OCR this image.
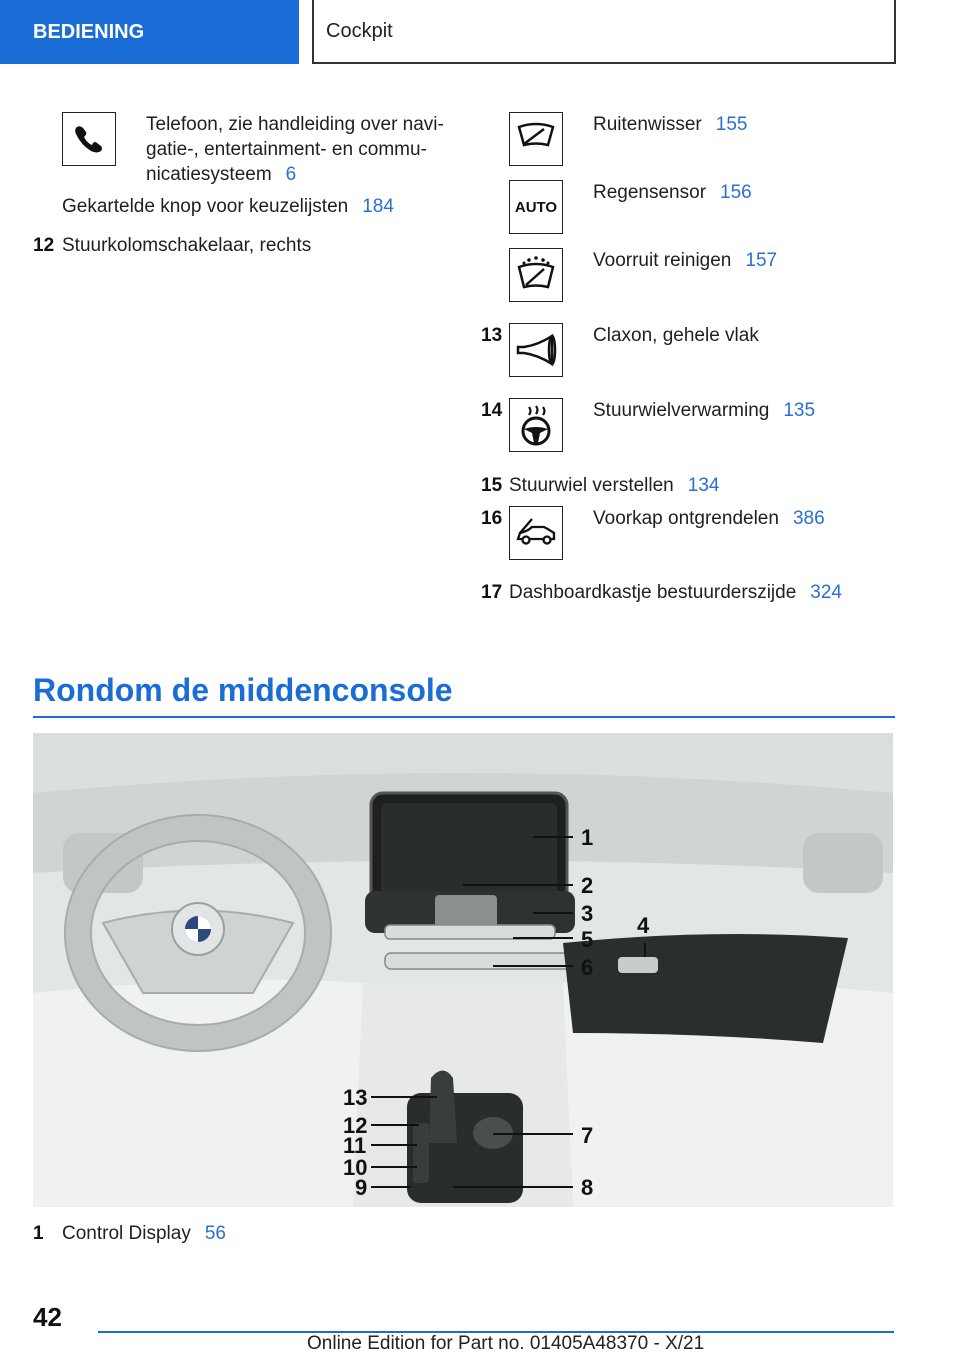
BEDIENING	Cockpit
Telefoon, zie handleiding over navi-
gatie-, entertainment- en commu-
nicatiesysteem 6
Gekartelde knop voor keuzelijsten 184
12 Stuurkolomschakelaar, rechts
Ruitenwisser 155
AUTO
Regensensor 156
Voorruit reinigen 157
13	Claxon, gehele vlak
14	Stuurwielverwarming 135
15 Stuurwiel verstellen 134
16	Voorkap ontgrendelen 386
17 Dashboardkastje bestuurderszijde 324
Rondom de middenconsole
1
2
3 4
5
6
7
8
9
10
11
12
13
1 Control Display 56
42
Online Edition for Part no. 01405A48370 - X/21
